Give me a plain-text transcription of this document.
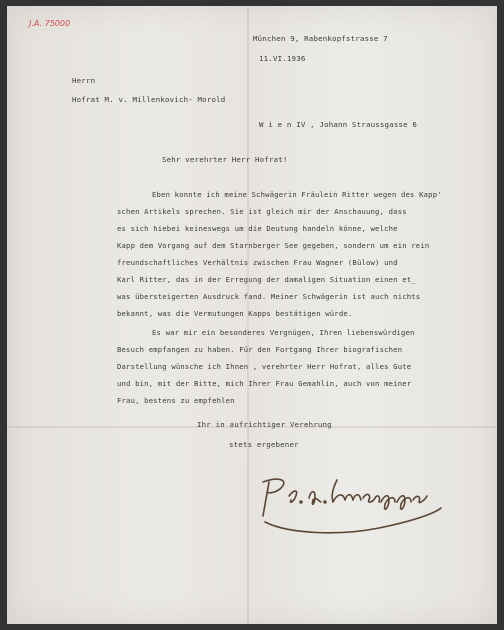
J.A. 75000
München 9, Rabenkopfstrasse 7
11.VI.1936
Herrn
Hofrat M. v. Millenkovich- Morold
W i e n IV , Johann Straussgasse 6
Sehr verehrter Herr Hofrat!
Eben konnte ich meine Schwägerin Fräulein Ritter wegen des Kapp'
schen Artikels sprechen. Sie ist gleich mir der Anschauung, dass
es sich hiebei keineswegs um die Deutung handeln könne, welche
Kapp dem Vorgang auf dem Starnberger See gegeben, sondern um ein rein
freundschaftliches Verhältnis zwischen Frau Wagner (Bülow) und
Karl Ritter, das in der Erregung der damaligen Situation einen et_
was übersteigerten Ausdruck fand. Meiner Schwägerin ist auch nichts
bekannt, was die Vermutungen Kapps bestätigen würde.
Es war mir ein besonderes Vergnügen, Ihren liebenswürdigen
Besuch empfangen zu haben. Für den Fortgang Ihrer biografischen
Darstellung wünsche ich Ihnen , verehrter Herr Hofrat, alles Gute
und bin, mit der Bitte, mich Ihrer Frau Gemahlin, auch von meiner
Frau, bestens zu empfehlen
Ihr in aufrichtiger Verehrung
stets ergebener
